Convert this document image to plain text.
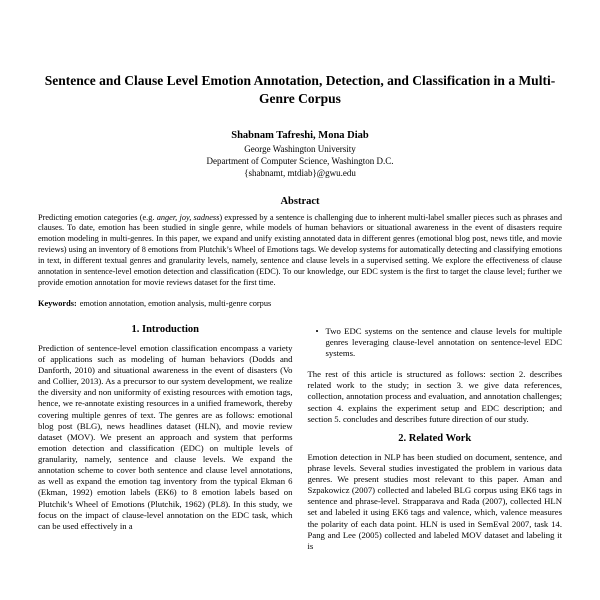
Sentence and Clause Level Emotion Annotation, Detection, and Classification in a Multi-Genre Corpus
Shabnam Tafreshi, Mona Diab
George Washington University
Department of Computer Science, Washington D.C.
{shabnamt, mtdiab}@gwu.edu
Abstract

Predicting emotion categories (e.g. anger, joy, sadness) expressed by a sentence is challenging due to inherent multi-label smaller pieces such as phrases and clauses. To date, emotion has been studied in single genre, while models of human behaviors or situational awareness in the event of disasters require emotion modeling in multi-genres. In this paper, we expand and unify existing annotated data in different genres (emotional blog post, news title, and movie reviews) using an inventory of 8 emotions from Plutchik’s Wheel of Emotions tags. We develop systems for automatically detecting and classifying emotions in text, in different textual genres and granularity levels, namely, sentence and clause levels in a supervised setting. We explore the effectiveness of clause annotation in sentence-level emotion detection and classification (EDC). To our knowledge, our EDC system is the first to target the clause level; further we provide emotion annotation for movie reviews dataset for the first time.

Keywords: emotion annotation, emotion analysis, multi-genre corpus

1. Introduction

Prediction of sentence-level emotion classification encompass a variety of applications such as modeling of human behaviors (Dodds and Danforth, 2010) and situational awareness in the event of disasters (Vo and Collier, 2013). As a precursor to our system development, we realize the diversity and non uniformity of existing resources with emotion tags, hence, we re-annotate existing resources in a unified framework, thereby covering multiple genres of text. The genres are as follows: emotional blog post (BLG), news headlines dataset (HLN), and movie review dataset (MOV). We present an approach and system that performs emotion detection and classification (EDC) on multiple levels of granularity, namely, sentence and clause levels. We expand the annotation scheme to cover both sentence and clause level annotations, as well as expand the emotion tag inventory from the typical Ekman 6 (Ekman, 1992) emotion labels (EK6) to 8 emotion labels based on Plutchik’s Wheel of Emotions (Plutchik, 1962) (PL8). In this study, we focus on the impact of clause-level annotation on the EDC task, which can be used effectively in a

• Two EDC systems on the sentence and clause levels for multiple genres leveraging clause-level annotation on sentence-level EDC systems.

The rest of this article is structured as follows: section 2. describes related work to the study; in section 3. we give data references, collection, annotation process and evaluation, and annotation challenges; section 4. explains the experiment setup and EDC description; and section 5. concludes and describes future direction of our study.

2. Related Work

Emotion detection in NLP has been studied on document, sentence, and phrase levels. Several studies investigated the problem in various data genres. We present studies most relevant to this paper. Aman and Szpakowicz (2007) collected and labeled BLG corpus using EK6 tags in sentence and phrase-level. Strapparava and Rada (2007), collected HLN set and labeled it using EK6 tags and valence, which, valence measures the polarity of each data point. HLN is used in SemEval 2007, task 14. Pang and Lee (2005) collected and labeled MOV dataset and labeling it is
